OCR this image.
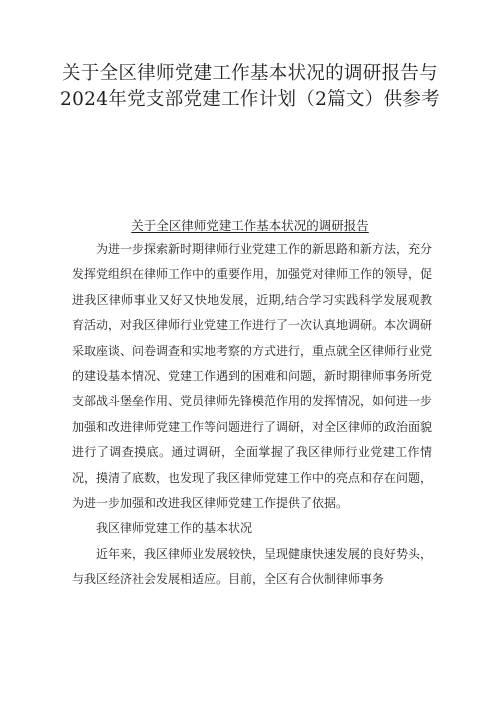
关于全区律师党建工作基本状况的调研报告与2024年党支部党建工作计划（2篇文）供参考
关于全区律师党建工作基本状况的调研报告

为进一步探索新时期律师行业党建工作的新思路和新方法，充分发挥党组织在律师工作中的重要作用，加强党对律师工作的领导，促进我区律师事业又好又快地发展，近期,结合学习实践科学发展观教育活动，对我区律师行业党建工作进行了一次认真地调研。本次调研采取座谈、问卷调查和实地考察的方式进行，重点就全区律师行业党的建设基本情况、党建工作遇到的困难和问题，新时期律师事务所党支部战斗堡垒作用、党员律师先锋模范作用的发挥情况，如何进一步加强和改进律师党建工作等问题进行了调研，对全区律师的政治面貌进行了调查摸底。通过调研，全面掌握了我区律师行业党建工作情况，摸清了底数，也发现了我区律师党建工作中的亮点和存在问题，为进一步加强和改进我区律师党建工作提供了依据。

我区律师党建工作的基本状况

近年来，我区律师业发展较快，呈现健康快速发展的良好势头，与我区经济社会发展相适应。目前，全区有合伙制律师事务
